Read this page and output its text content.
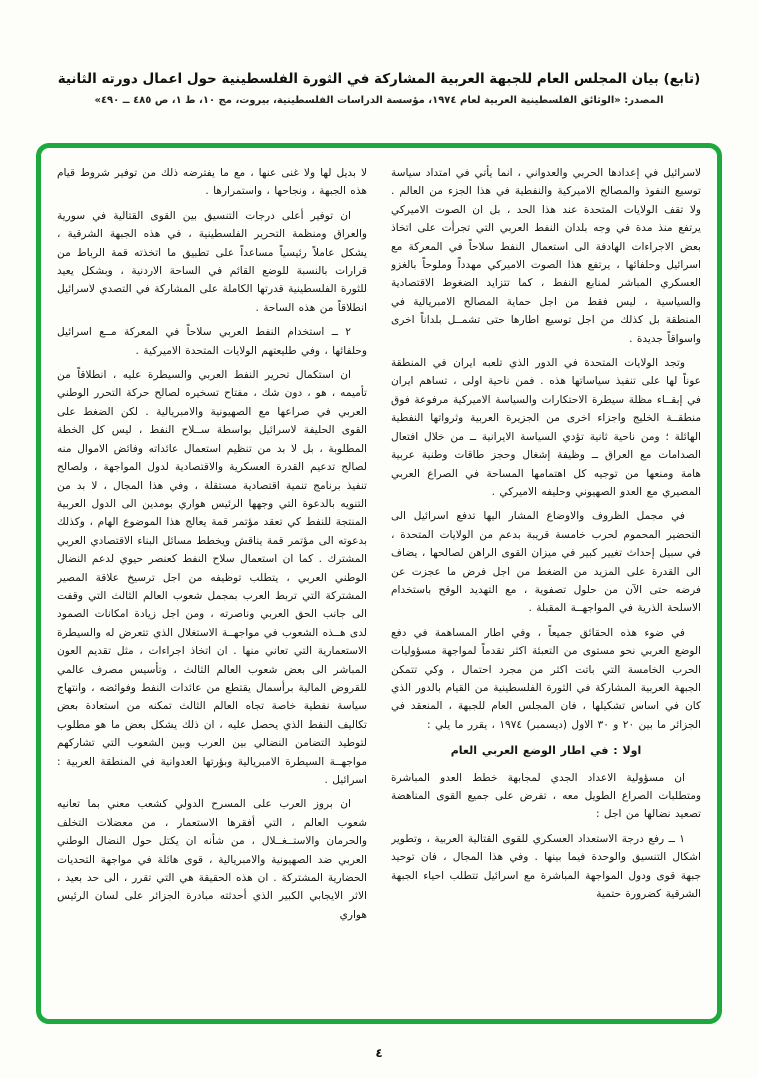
(تابع) بيان المجلس العام للجبهة العربية المشاركة في الثورة الفلسطينية حول اعمال دورته الثانية
المصدر: «الوثائق الفلسطينية العربية لعام ١٩٧٤، مؤسسة الدراسات الفلسطينية، بيروت، مج ١٠، ط ١، ص ٤٨٥ ــ ٤٩٠»

لاسرائيل في إعدادها الحربي والعدواني ، انما يأتي في امتداد سياسة توسيع النفوذ والمصالح الاميركية والنفطية في هذا الجزء من العالم . ولا تقف الولايات المتحدة عند هذا الحد ، بل ان الصوت الاميركي يرتفع منذ مدة في وجه بلدان النفط العربي التي تجرأت على اتخاذ بعض الاجراءات الهادفة الى استعمال النفط سلاحاً في المعركة مع اسرائيل وحلفائها ، يرتفع هذا الصوت الاميركي مهدداً وملوحاً بالغزو العسكري المباشر لمنابع النفط ، كما تتزايد الضغوط الاقتصادية والسياسية ، ليس فقط من اجل حماية المصالح الامبريالية في المنطقة بل كذلك من اجل توسيع اطارها حتى تشمــل بلداناً اخرى واسواقاً جديدة .

وتجد الولايات المتحدة في الدور الذي تلعبه ايران في المنطقة عوناً لها على تنفيذ سياساتها هذه . فمن ناحية اولى ، تساهم ايران في إبقــاء مظلة سيطرة الاحتكارات والسياسة الاميركية مرفوعة فوق منطقــة الخليج واجزاء اخرى من الجزيرة العربية وثرواتها النفطية الهائلة ؛ ومن ناحية ثانية تؤدي السياسة الايرانية ــ من خلال افتعال الصدامات مع العراق ــ وظيفة إشغال وحجز طاقات وطنية عربية هامة ومنعها من توجيه كل اهتمامها المساحة في الصراع العربي المصيري مع العدو الصهيوني وحليفه الاميركي .

في مجمل الظروف والاوضاع المشار اليها تدفع اسرائيل الى التحضير المحموم لحرب خامسة قريبة بدعم من الولايات المتحدة ، في سبيل إحداث تغيير كبير في ميزان القوى الراهن لصالحها ، يضاف الى القدرة على المزيد من الضغط من اجل فرض ما عجزت عن فرضه حتى الآن من حلول تصفوية ، مع التهديد الوقح باستخدام الاسلحة الذرية في المواجهــة المقبلة .

في ضوء هذه الحقائق جميعاً ، وفي اطار المساهمة في دفع الوضع العربي نحو مستوى من التعبئة اكثر تقدماً لمواجهة مسؤوليات الحرب الخامسة التي باتت اكثر من مجرد احتمال ، وكي تتمكن الجبهة العربية المشاركة في الثورة الفلسطينية من القيام بالدور الذي كان في اساس تشكيلها ، فان المجلس العام للجبهة ، المنعقد في الجزائر ما بين ٢٠ و ٣٠ الاول (ديسمبر) ١٩٧٤ ، يقرر ما يلي :

اولا : في اطار الوضع العربي العام

ان مسؤولية الاعداد الجدي لمجابهة خطط العدو المباشرة ومتطلبات الصراع الطويل معه ، تفرض على جميع القوى المناهضة تصعيد نضالها من اجل :

١ ــ رفع درجة الاستعداد العسكري للقوى القتالية العربية ، وتطوير اشكال التنسيق والوحدة فيما بينها . وفي هذا المجال ، فان توحيد جبهة قوى ودول المواجهة المباشرة مع اسرائيل تتطلب احياء الجبهة الشرقية كضرورة حتمية

لا بديل لها ولا غنى عنها ، مع ما يفترضه ذلك من توفير شروط قيام هذه الجبهة ، ونجاحها ، واستمرارها .

ان توفير أعلى درجات التنسيق بين القوى القتالية في سورية والعراق ومنظمة التحرير الفلسطينية ، في هذه الجبهة الشرقية ، يشكل عاملاً رئيسياً مساعداً على تطبيق ما اتخذته قمة الرباط من قرارات بالنسبة للوضع القائم في الساحة الاردنية ، وبشكل يعيد للثورة الفلسطينية قدرتها الكاملة على المشاركة في التصدي لاسرائيل انطلاقاً من هذه الساحة .

٢ ــ استخدام النفط العربي سلاحاً في المعركة مــع اسرائيل وحلفائها ، وفي طليعتهم الولايات المتحدة الاميركية .

ان استكمال تحرير النفط العربي والسيطرة عليه ، انطلاقاً من تأميمه ، هو ، دون شك ، مفتاح تسخيره لصالح حركة التحرر الوطني العربي في صراعها مع الصهيونية والامبريالية . لكن الضغط على القوى الحليفة لاسرائيل بواسطة ســلاح النفط ، ليس كل الخطة المطلوبة ، بل لا بد من تنظيم استعمال عائداته وفائض الاموال منه لصالح تدعيم القدرة العسكرية والاقتصادية لدول المواجهة ، ولصالح تنفيذ برنامج تنمية اقتصادية مستقلة ، وفي هذا المجال ، لا بد من التنويه بالدعوة التي وجهها الرئيس هواري بومدين الى الدول العربية المنتجة للنفط كي تعقد مؤتمر قمة يعالج هذا الموضوع الهام ، وكذلك بدعوته الى مؤتمر قمة يناقش ويخطط مسائل البناء الاقتصادي العربي المشترك . كما ان استعمال سلاح النفط كعنصر حيوي لدعم النضال الوطني العربي ، يتطلب توظيفه من اجل ترسيخ علاقة المصير المشتركة التي تربط العرب بمجمل شعوب العالم الثالث التي وقفت الى جانب الحق العربي وناصرته ، ومن اجل زيادة امكانات الصمود لدى هــذه الشعوب في مواجهــة الاستغلال الذي تتعرض له والسيطرة الاستعمارية التي تعاني منها . ان اتخاذ اجراءات ، مثل تقديم العون المباشر الى بعض شعوب العالم الثالث ، وتأسيس مصرف عالمي للقروض المالية برأسمال يقتطع من عائدات النفط وفوائضه ، وانتهاج سياسة نفطية خاصة تجاه العالم الثالث تمكنه من استعادة بعض تكاليف النفط الذي يحصل عليه ، ان ذلك يشكل بعض ما هو مطلوب لتوطيد التضامن النضالي بين العرب وبين الشعوب التي تشاركهم مواجهــة السيطرة الامبريالية وبؤرتها العدوانية في المنطقة العربية : اسرائيل .

ان بروز العرب على المسرح الدولي كشعب معني بما تعانيه شعوب العالم ، التي أفقرها الاستعمار ، من معضلات التخلف والحرمان والاستــغــلال ، من شأنه ان يكتل حول النضال الوطني العربي ضد الصهيونية والامبريالية ، قوى هائلة في مواجهة التحديات الحضارية المشتركة . ان هذه الحقيقة هي التي تقرر ، الى حد بعيد ، الاثر الايجابي الكبير الذي أحدثته مبادرة الجزائر على لسان الرئيس هواري

٤
